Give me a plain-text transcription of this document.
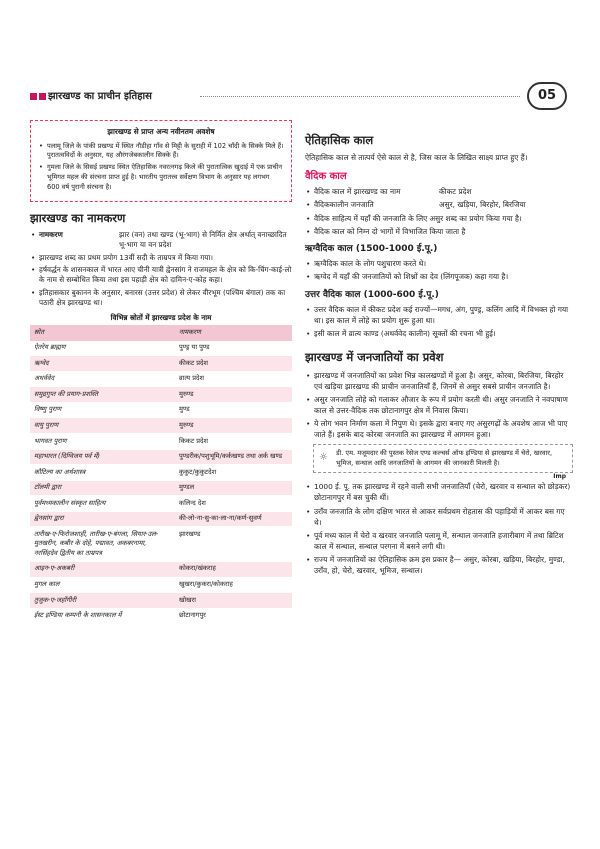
झारखण्ड का प्राचीन इतिहास	05
झारखण्ड से प्राप्त अन्य नवीनतम अवशेष

• पलामू जिले के पांकी प्रखण्ड में स्थित नौडीहा गाँव से मिट्टी के सुराही में 102 चाँदी के सिक्के मिले हैं। पुरातत्वविदों के अनुसार, यह औरंगजेबकालीन सिक्के हैं।

• गुमला जिले के सिसई प्रखण्ड स्थित ऐतिहासिक नवरत्नगढ़ किले की पुरातात्विक खुदाई में एक प्राचीन भूमिगत महल की संरचना प्राप्त हुई है। भारतीय पुरातत्त्व सर्वेक्षण विभाग के अनुसार यह लगभग 600 वर्ष पुरानी संरचना है।

झारखण्ड का नामकरण
• नामकरण	झार (वन) तथा खण्ड (भू-भाग) से निर्मित क्षेत्र अर्थात् वनाच्छादित भू-भाग या वन प्रदेश
• झारखण्ड शब्द का प्रथम प्रयोग 13वीं सदी के ताम्रपत्र में किया गया।
• हर्षवर्द्धन के शासनकाल में भारत आए चीनी यात्री ह्वेनसांग ने राजमहल के क्षेत्र को कि-चिंग-काई-लो के नाम से सम्बोधित किया तथा इस पहाड़ी क्षेत्र को दामिन-ए-कोह कहा।
• इतिहासकार बुकानन के अनुसार, बनारस (उत्तर प्रदेश) से लेकर वीरभूम (पश्चिम बंगाल) तक का पठारी क्षेत्र झारखण्ड था।
विभिन्न स्रोतों में झारखण्ड प्रदेश के नाम
स्रोत	नामकरण
ऐतरेय ब्राह्मण	पुण्ड्र या पुण्ड
ऋग्वेद	कीकट प्रदेश
अथर्ववेद	व्रात्य प्रदेश
समुद्रगुप्त की प्रयाग-प्रशस्ति	मुरुण्ड
विष्णु पुराण	मुण्ड
वायु पुराण	मुरुण्ड
भागवत पुराण	किकट प्रदेश
महाभारत (दिग्विजय पर्व में)	पुण्डरीक/पशुभूमि/कर्कखण्ड तथा अर्क खण्ड
कौटिल्य का अर्थशास्त्र	कुकुट/कुकुटदेश
टॉलमी द्वारा	मुण्डल
पूर्वमध्यकालीन संस्कृत साहित्य	कलिन्द देश
ह्वेनसांग द्वारा	की-लो-ना-सु-का-ला-ना/कर्ण-सुवर्ण
तारीख-ए-फिरोजशाही, तारीख-ए-बंगला, सियार-उल-मुतखरीन, कबीर के दोहे, पद्मावत, अकबरनामा, नरसिंहदेव द्वितीय का ताम्रपत्र	झारखण्ड
आइन-ए-अकबरी	कोकरा/खंकराह
मुगल काल	खुखरा/कुकरा/कोकराह
तुजुक-ए-जहाँगीरी	खोखरा
ईस्ट इण्डिया कम्पनी के शासनकाल में	छोटानागपुर
ऐतिहासिक काल
ऐतिहासिक काल से तात्पर्य ऐसे काल से है, जिस काल के लिखित साक्ष्य प्राप्त हुए हैं।
वैदिक काल
• वैदिक काल में झारखण्ड का नाम	कीकट प्रदेश
• वैदिककालीन जनजाति	असुर, खड़िया, बिरहोर, बिरजिया
• वैदिक साहित्य में यहाँ की जनजाति के लिए असुर शब्द का प्रयोग किया गया है।
• वैदिक काल को निम्न दो भागों में विभाजित किया जाता है
ऋग्वैदिक काल (1500-1000 ई.पू.)
• ऋग्वैदिक काल के लोग पशुचारण करते थे।
• ऋग्वेद में यहाँ की जनजातियों को शिश्नों का देव (लिंगपूजक) कहा गया है।
उत्तर वैदिक काल (1000-600 ई.पू.)
• उत्तर वैदिक काल में कीकट प्रदेश कई राज्यों—मगध, अंग, पुण्ड्र, कलिंग आदि में विभक्त हो गया था। इस काल में लोहे का प्रयोग शुरू हुआ था।
• इसी काल में व्रात्य काण्ड (अथर्ववेद कालीन) सूक्तों की रचना भी हुई।
झारखण्ड में जनजातियों का प्रवेश
• झारखण्ड में जनजातियों का प्रवेश भिन्न कालखण्डों में हुआ है। असुर, कोरबा, बिरजिया, बिरहोर एवं खड़िया झारखण्ड की प्राचीन जनजातियाँ हैं, जिनमें से असुर सबसे प्राचीन जनजाति है।
• असुर जनजाति लोहे को गलाकर औजार के रूप में प्रयोग करती थी। असुर जनजाति ने नवपाषाण काल से उत्तर-वैदिक तक छोटानागपुर क्षेत्र में निवास किया।
• ये लोग भवन निर्माण कला में निपुण थे। इसके द्वारा बनाए गए असुरगढ़ों के अवशेष आज भी पाए जाते हैं। इसके बाद कोरबा जनजाति का झारखण्ड में आगमन हुआ।
☼ डी. एम. मजूमदार की पुस्तक रेसेज एण्ड कल्चर्स ऑफ इण्डिया से झारखण्ड में चेरो, खरवार, भूमिज, सन्थाल आदि जनजातियों के आगमन की जानकारी मिलती है।
Imp
• 1000 ई. पू. तक झारखण्ड में रहने वाली सभी जनजातियाँ (चेरो, खरवार व सन्थाल को छोड़कर) छोटानागपुर में बस चुकी थीं।
• उराँव जनजाति के लोग दक्षिण भारत से आकर सर्वप्रथम रोहतास की पहाड़ियों में आकर बस गए थे।
• पूर्व मध्य काल में चेरो व खरवार जनजाति पलामू में, सन्थाल जनजाति हजारीबाग में तथा ब्रिटिश काल में सन्थाल, सन्थाल परगना में बसने लगी थी।
• राज्य में जनजातियों का ऐतिहासिक क्रम इस प्रकार है— असुर, कोरबा, खड़िया, बिरहोर, मुण्डा, उराँव, हो, चेरो, खरवार, भूमिज, सन्थाल।
